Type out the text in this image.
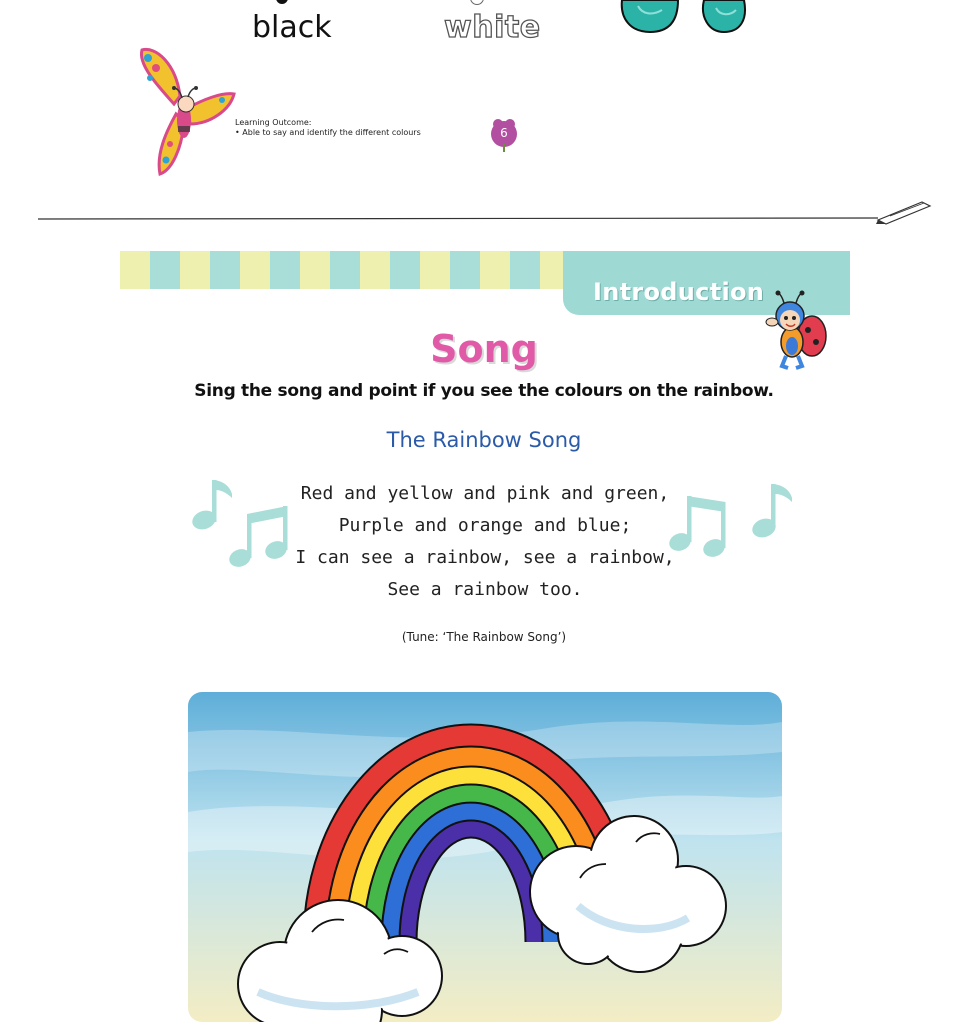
black	white
Learning Outcome:
• Able to say and identify the different colours	6
Introduction
Song
Sing the song and point if you see the colours on the rainbow.
The Rainbow Song
Red and yellow and pink and green,
Purple and orange and blue;
I can see a rainbow, see a rainbow,
See a rainbow too.
(Tune: ‘The Rainbow Song’)
